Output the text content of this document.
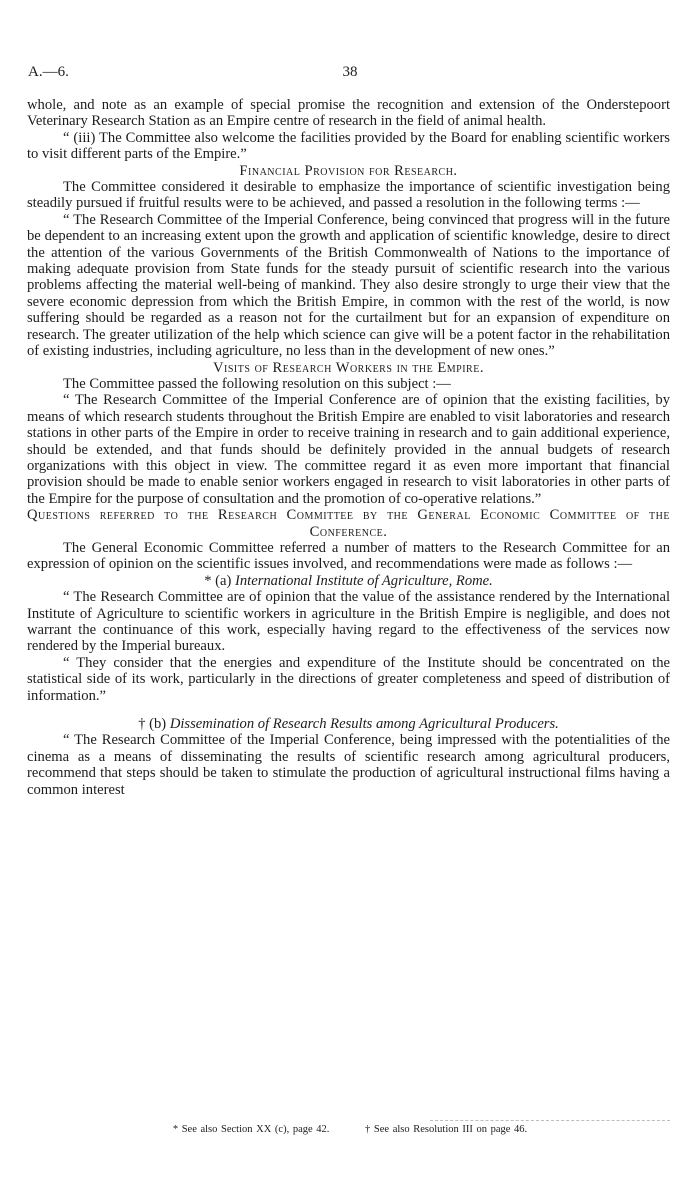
38
A.—6.

whole, and note as an example of special promise the recognition and extension of the Onderstepoort Veterinary Research Station as an Empire centre of research in the field of animal health.

“ (iii) The Committee also welcome the facilities provided by the Board for enabling scientific workers to visit different parts of the Empire.”

Financial Provision for Research.

The Committee considered it desirable to emphasize the importance of scientific investigation being steadily pursued if fruitful results were to be achieved, and passed a resolution in the following terms :—

“ The Research Committee of the Imperial Conference, being convinced that progress will in the future be dependent to an increasing extent upon the growth and application of scientific knowledge, desire to direct the attention of the various Governments of the British Commonwealth of Nations to the importance of making adequate provision from State funds for the steady pursuit of scientific research into the various problems affecting the material well-being of mankind. They also desire strongly to urge their view that the severe economic depression from which the British Empire, in common with the rest of the world, is now suffering should be regarded as a reason not for the curtailment but for an expansion of expenditure on research. The greater utilization of the help which science can give will be a potent factor in the rehabilitation of existing industries, including agriculture, no less than in the development of new ones.”

Visits of Research Workers in the Empire.

The Committee passed the following resolution on this subject :—

“ The Research Committee of the Imperial Conference are of opinion that the existing facilities, by means of which research students throughout the British Empire are enabled to visit laboratories and research stations in other parts of the Empire in order to receive training in research and to gain additional experience, should be extended, and that funds should be definitely provided in the annual budgets of research organizations with this object in view. The committee regard it as even more important that financial provision should be made to enable senior workers engaged in research to visit laboratories in other parts of the Empire for the purpose of consultation and the promotion of co-operative relations.”

Questions referred to the Research Committee by the General Economic Committee of the Conference.

The General Economic Committee referred a number of matters to the Research Committee for an expression of opinion on the scientific issues involved, and recommendations were made as follows :—

* (a) International Institute of Agriculture, Rome.

“ The Research Committee are of opinion that the value of the assistance rendered by the International Institute of Agriculture to scientific workers in agriculture in the British Empire is negligible, and does not warrant the continuance of this work, especially having regard to the effectiveness of the services now rendered by the Imperial bureaux.

“ They consider that the energies and expenditure of the Institute should be concentrated on the statistical side of its work, particularly in the directions of greater completeness and speed of distribution of information.”

† (b) Dissemination of Research Results among Agricultural Producers.

“ The Research Committee of the Imperial Conference, being impressed with the potentialities of the cinema as a means of disseminating the results of scientific research among agricultural producers, recommend that steps should be taken to stimulate the production of agricultural instructional films having a common interest

* See also Section XX (c), page 42.	† See also Resolution III on page 46.
